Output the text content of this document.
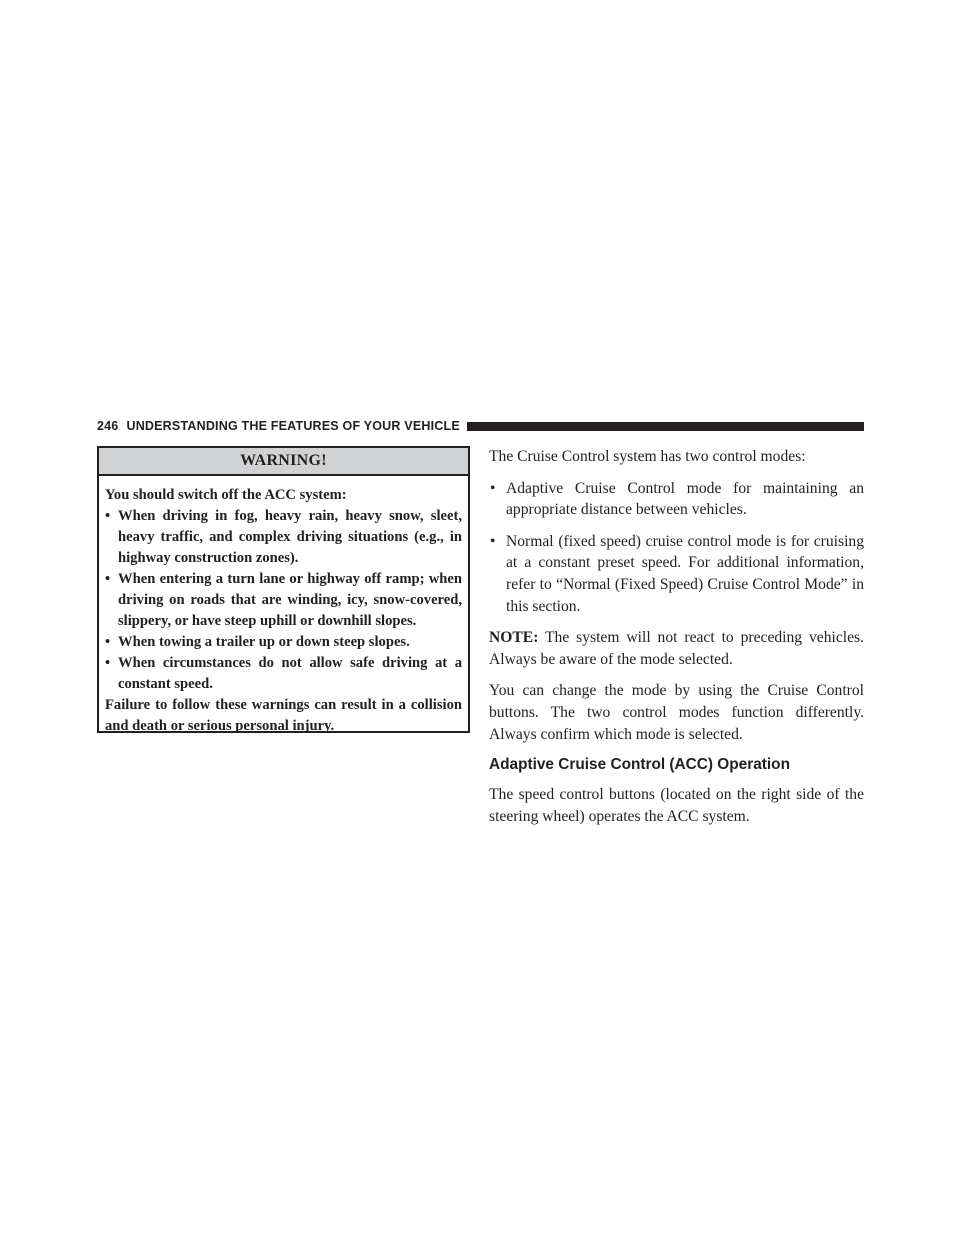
246 UNDERSTANDING THE FEATURES OF YOUR VEHICLE
WARNING!

You should switch off the ACC system:

• When driving in fog, heavy rain, heavy snow, sleet, heavy traffic, and complex driving situations (e.g., in highway construction zones).
• When entering a turn lane or highway off ramp; when driving on roads that are winding, icy, snow-covered, slippery, or have steep uphill or downhill slopes.
• When towing a trailer up or down steep slopes.
• When circumstances do not allow safe driving at a constant speed.

Failure to follow these warnings can result in a collision and death or serious personal injury.

The Cruise Control system has two control modes:

• Adaptive Cruise Control mode for maintaining an appropriate distance between vehicles.
• Normal (fixed speed) cruise control mode is for cruising at a constant preset speed. For additional information, refer to “Normal (Fixed Speed) Cruise Control Mode” in this section.

NOTE: The system will not react to preceding vehicles. Always be aware of the mode selected.

You can change the mode by using the Cruise Control buttons. The two control modes function differently. Always confirm which mode is selected.

Adaptive Cruise Control (ACC) Operation

The speed control buttons (located on the right side of the steering wheel) operates the ACC system.
